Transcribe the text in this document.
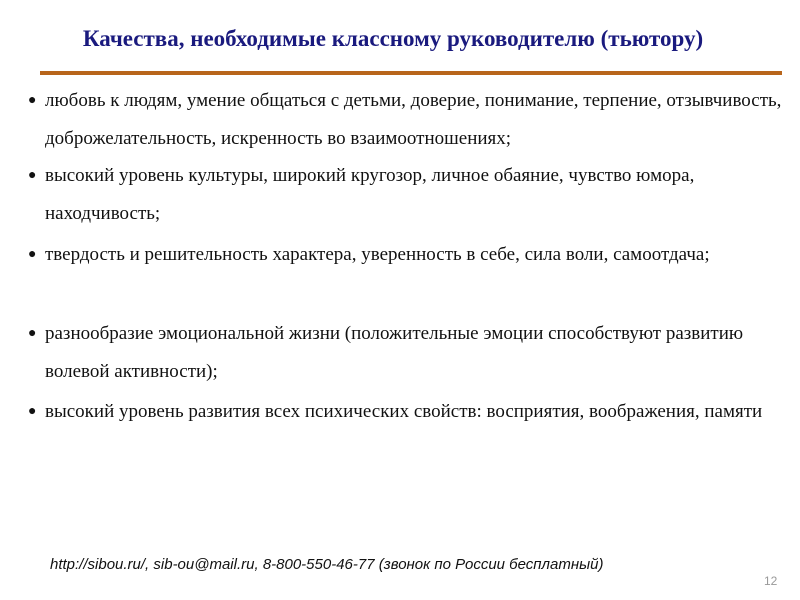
Качества, необходимые классному руководителю (тьютору)
● любовь к людям, умение общаться с детьми, доверие, понимание, терпение, отзывчивость, доброжелательность, искренность во взаимоотношениях;
● высокий уровень культуры, широкий кругозор, личное обаяние, чувство юмора, находчивость;
● твердость и решительность характера, уверенность в себе, сила воли, самоотдача;
● разнообразие эмоциональной жизни (положительные эмоции способствуют развитию волевой активности);
● высокий уровень развития всех психических свойств: восприятия, воображения, памяти
http://sibou.ru/, sib-ou@mail.ru, 8-800-550-46-77 (звонок по России бесплатный)
12
